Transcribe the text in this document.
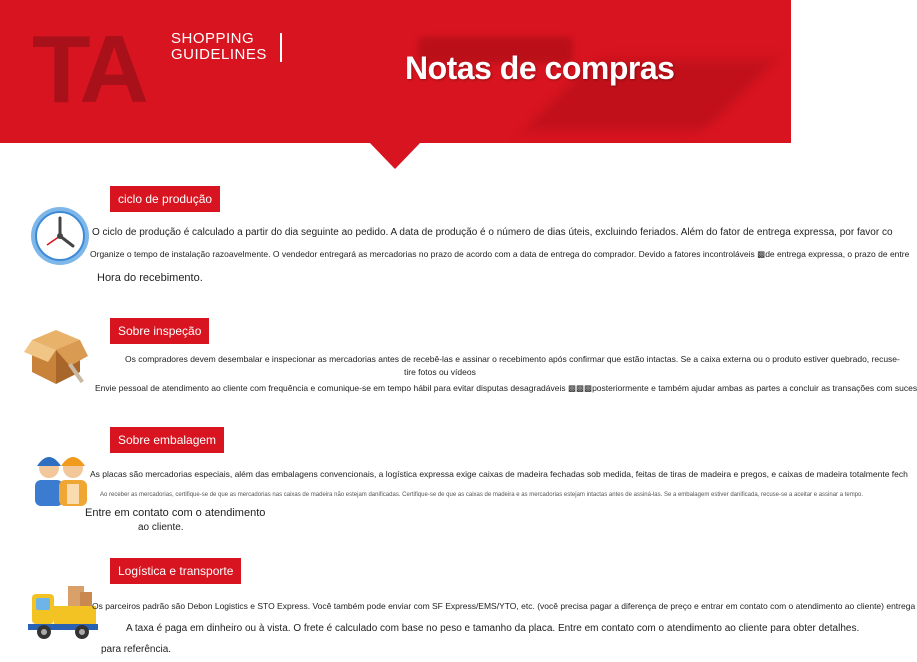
TA SHOPPING
GUIDELINES	Notas de compras
ciclo de produção
O ciclo de produção é calculado a partir do dia seguinte ao pedido. A data de produção é o número de dias úteis, excluindo feriados. Além do fator de entrega expressa, por favor co
Organize o tempo de instalação razoavelmente. O vendedor entregará as mercadorias no prazo de acordo com a data de entrega do comprador. Devido a fatores incontroláveis ▩de entrega expressa, o prazo de entre
Hora do recebimento.
Sobre inspeção
Os compradores devem desembalar e inspecionar as mercadorias antes de recebê-las e assinar o recebimento após confirmar que estão intactas. Se a caixa externa ou o produto estiver quebrado, recuse-
tire fotos ou vídeos
Envie pessoal de atendimento ao cliente com frequência e comunique-se em tempo hábil para evitar disputas desagradáveis ▩▩▩posteriormente e também ajudar ambas as partes a concluir as transações com suces
Sobre embalagem
As placas são mercadorias especiais, além das embalagens convencionais, a logística expressa exige caixas de madeira fechadas sob medida, feitas de tiras de madeira e pregos, e caixas de madeira totalmente fech
Ao receber as mercadorias, certifique-se de que as mercadorias nas caixas de madeira não estejam danificadas. Certifique-se de que as caixas de madeira e as mercadorias estejam intactas antes de assiná-las. Se a embalagem estiver danificada, recuse-se a aceitar e assinar a tempo.
Entre em contato com o atendimento
ao cliente.
Logística e transporte
Os parceiros padrão são Debon Logistics e STO Express. Você também pode enviar com SF Express/EMS/YTO, etc. (você precisa pagar a diferença de preço e entrar em contato com o atendimento ao cliente) entrega
A taxa é paga em dinheiro ou à vista. O frete é calculado com base no peso e tamanho da placa. Entre em contato com o atendimento ao cliente para obter detalhes.
para referência.
